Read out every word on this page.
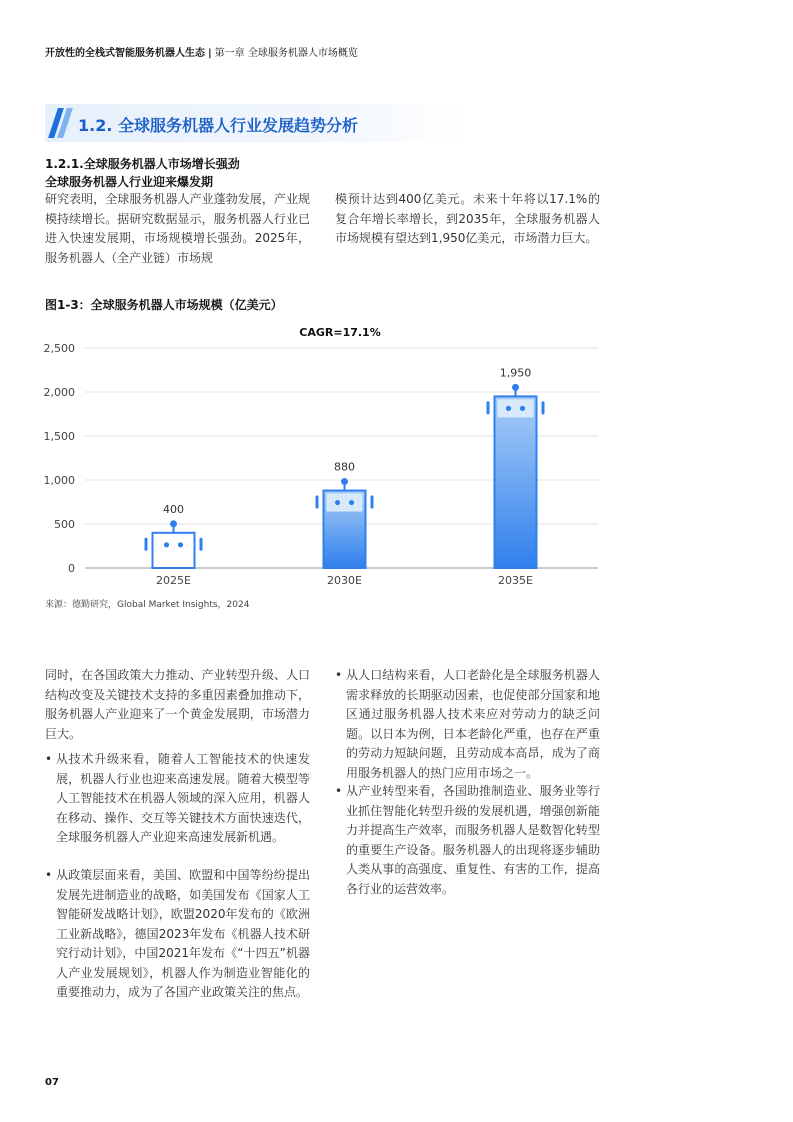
开放性的全栈式智能服务机器人生态 | 第一章 全球服务机器人市场概览
1.2. 全球服务机器人行业发展趋势分析
1.2.1.全球服务机器人市场增长强劲
全球服务机器人行业迎来爆发期
研究表明，全球服务机器人产业蓬勃发展，产业规模持续增长。据研究数据显示，服务机器人行业已进入快速发展期，市场规模增长强劲。2025年，服务机器人（全产业链）市场规
模预计达到400亿美元。未来十年将以17.1%的复合年增长率增长，到2035年，全球服务机器人市场规模有望达到1,950亿美元，市场潜力巨大。
图1-3：全球服务机器人市场规模（亿美元）
CAGR=17.1%
0
500
1,000
1,500
2,000
2,500
400
2025E
880
2030E
1,950
2035E
来源：德勤研究，Global Market Insights，2024
同时，在各国政策大力推动、产业转型升级、人口结构改变及关键技术支持的多重因素叠加推动下，服务机器人产业迎来了一个黄金发展期，市场潜力巨大。
• 从技术升级来看，随着人工智能技术的快速发展，机器人行业也迎来高速发展。随着大模型等人工智能技术在机器人领域的深入应用，机器人在移动、操作、交互等关键技术方面快速迭代，全球服务机器人产业迎来高速发展新机遇。
• 从政策层面来看，美国、欧盟和中国等纷纷提出发展先进制造业的战略，如美国发布《国家人工智能研发战略计划》，欧盟2020年发布的《欧洲工业新战略》，德国2023年发布《机器人技术研究行动计划》，中国2021年发布《“十四五”机器人产业发展规划》，机器人作为制造业智能化的重要推动力，成为了各国产业政策关注的焦点。
• 从人口结构来看，人口老龄化是全球服务机器人需求释放的长期驱动因素，也促使部分国家和地区通过服务机器人技术来应对劳动力的缺乏问题。以日本为例，日本老龄化严重，也存在严重的劳动力短缺问题，且劳动成本高昂，成为了商用服务机器人的热门应用市场之一。
• 从产业转型来看，各国助推制造业、服务业等行业抓住智能化转型升级的发展机遇，增强创新能力并提高生产效率，而服务机器人是数智化转型的重要生产设备。服务机器人的出现将逐步辅助人类从事的高强度、重复性、有害的工作，提高各行业的运营效率。
07
